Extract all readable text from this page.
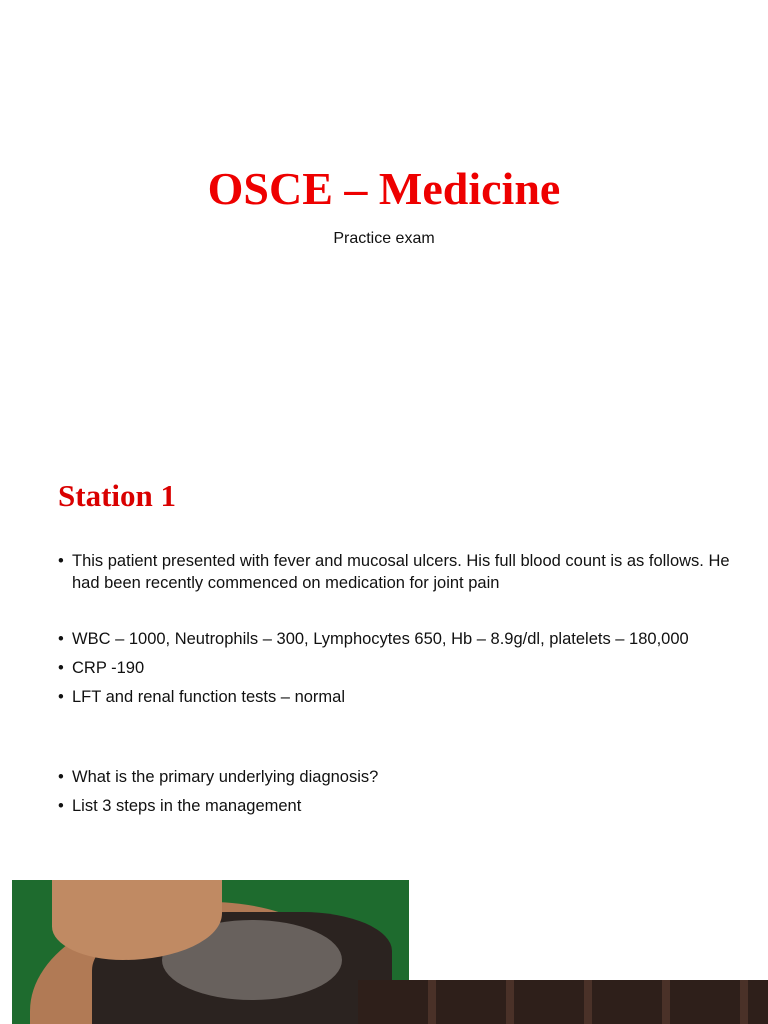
OSCE – Medicine

Practice exam

Station 1
• This patient presented with fever and mucosal ulcers. His full blood count is as follows. He had been recently commenced on medication for joint pain
• WBC – 1000, Neutrophils – 300, Lymphocytes 650, Hb – 8.9g/dl, platelets – 180,000
• CRP -190
• LFT and renal function tests – normal
• What is the primary underlying diagnosis?
• List 3 steps in the management
